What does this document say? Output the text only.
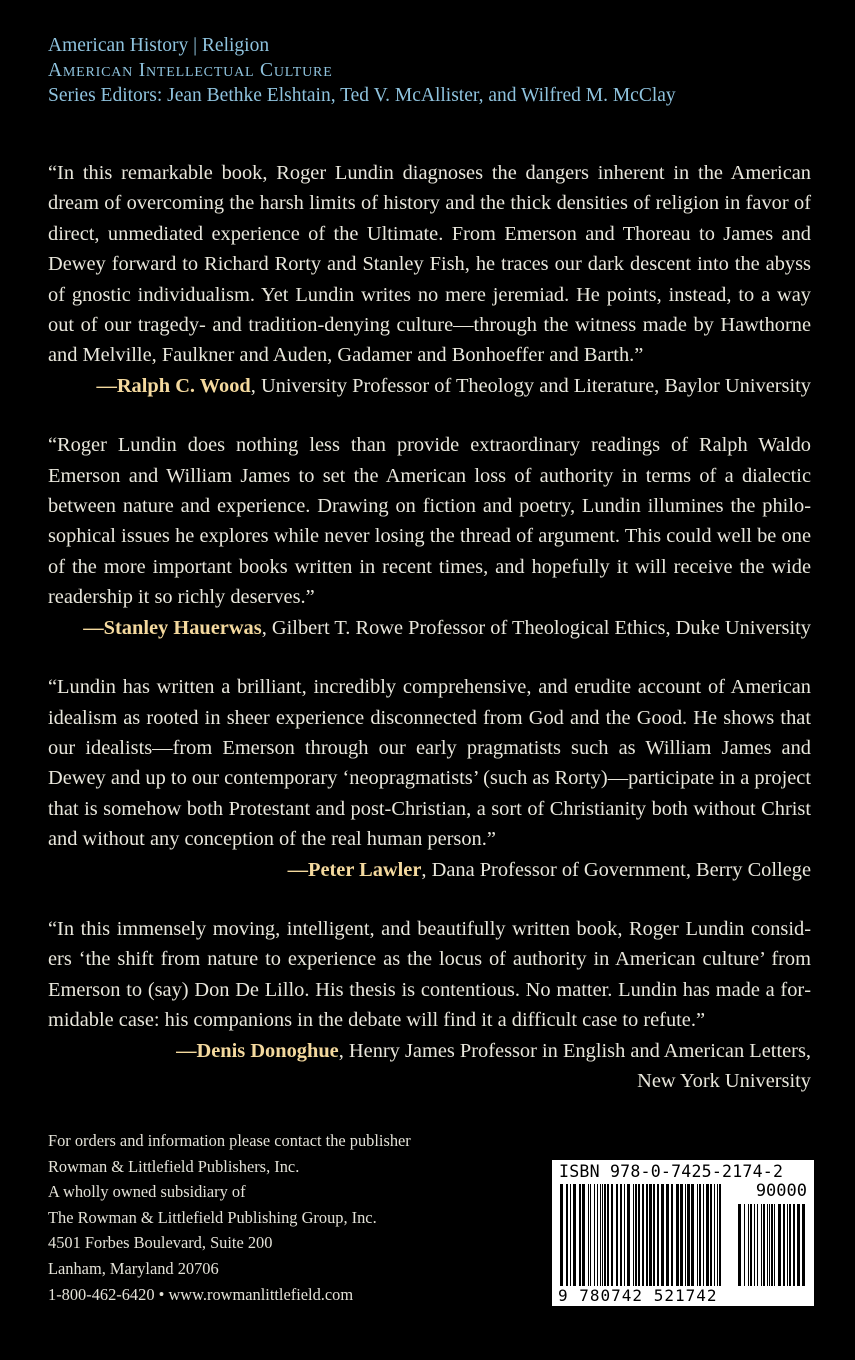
American History | Religion
American Intellectual Culture
Series Editors: Jean Bethke Elshtain, Ted V. McAllister, and Wilfred M. McClay
“In this remarkable book, Roger Lundin diagnoses the dangers inherent in the American dream of overcoming the harsh limits of history and the thick densities of religion in favor of direct, unmediated experience of the Ultimate. From Emerson and Thoreau to James and Dewey forward to Richard Rorty and Stanley Fish, he traces our dark descent into the abyss of gnostic individualism. Yet Lundin writes no mere jeremiad. He points, instead, to a way out of our tragedy- and tradition-denying culture—through the witness made by Hawthorne and Melville, Faulkner and Auden, Gadamer and Bonhoeffer and Barth.”
—Ralph C. Wood, University Professor of Theology and Literature, Baylor University
“Roger Lundin does nothing less than provide extraordinary readings of Ralph Waldo Emerson and William James to set the American loss of authority in terms of a dialectic between nature and experience. Drawing on fiction and poetry, Lundin illumines the philosophical issues he explores while never losing the thread of argument. This could well be one of the more important books written in recent times, and hopefully it will receive the wide readership it so richly deserves.”
—Stanley Hauerwas, Gilbert T. Rowe Professor of Theological Ethics, Duke University
“Lundin has written a brilliant, incredibly comprehensive, and erudite account of American idealism as rooted in sheer experience disconnected from God and the Good. He shows that our idealists—from Emerson through our early pragmatists such as William James and Dewey and up to our contemporary ‘neopragmatists’ (such as Rorty)—participate in a project that is somehow both Protestant and post-Christian, a sort of Christianity both without Christ and without any conception of the real human person.”
—Peter Lawler, Dana Professor of Government, Berry College
“In this immensely moving, intelligent, and beautifully written book, Roger Lundin considers ‘the shift from nature to experience as the locus of authority in American culture’ from Emerson to (say) Don De Lillo. His thesis is contentious. No matter. Lundin has made a formidable case: his companions in the debate will find it a difficult case to refute.”
—Denis Donoghue, Henry James Professor in English and American Letters,
New York University
For orders and information please contact the publisher
Rowman & Littlefield Publishers, Inc.
A wholly owned subsidiary of
The Rowman & Littlefield Publishing Group, Inc.
4501 Forbes Boulevard, Suite 200
Lanham, Maryland 20706
1-800-462-6420 • www.rowmanlittlefield.com
ISBN 978-0-7425-2174-2
90000
9 780742 521742
